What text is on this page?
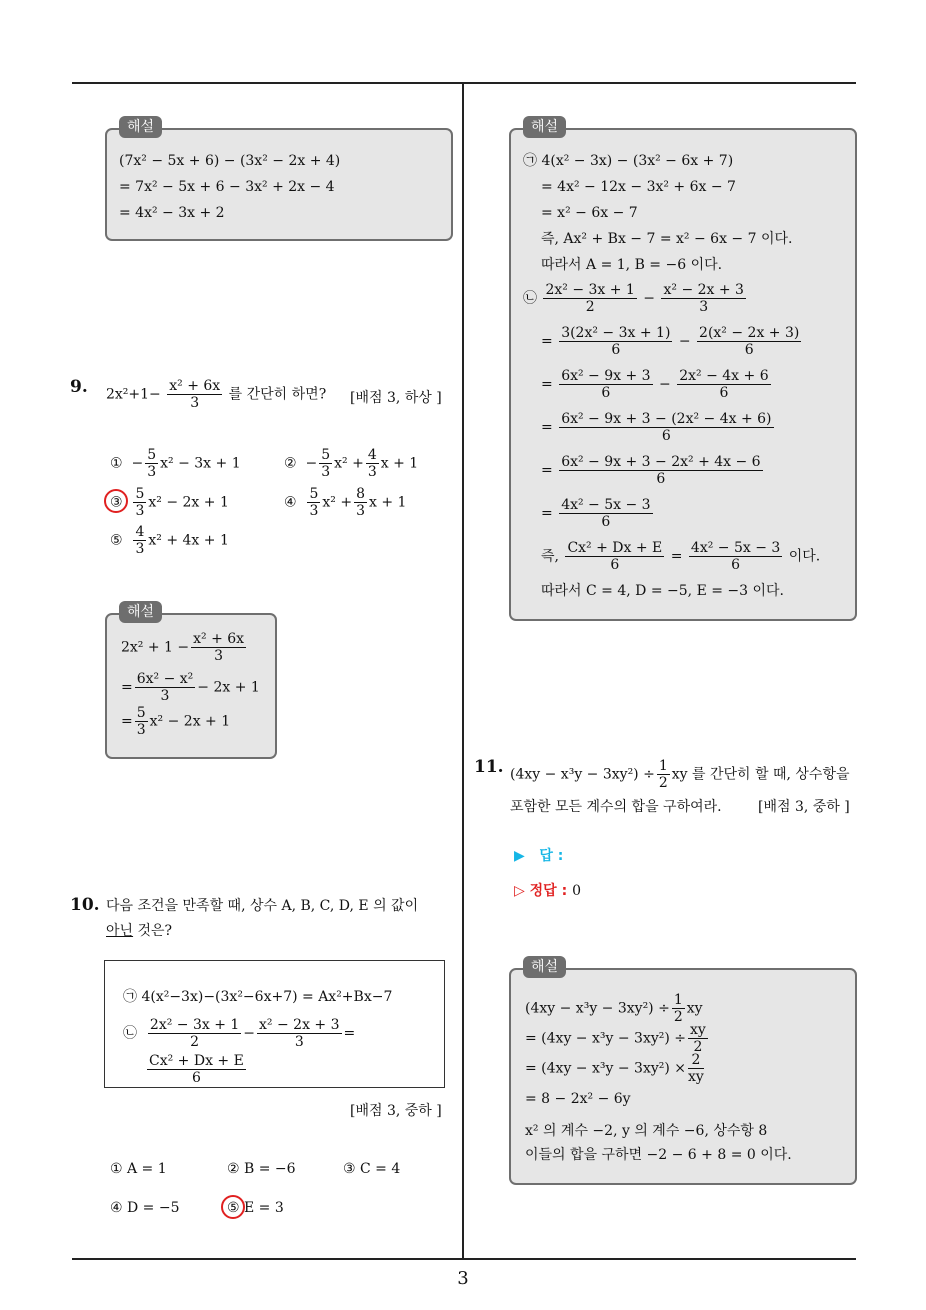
3
(7x² − 5x + 6) − (3x² − 2x + 4)
= 7x² − 5x + 6 − 3x² + 2x − 4
= 4x² − 3x + 2
해설
9. $2x^2+1- \frac{\text{x² + 6x}}{3}$ 를 간단히 하면? [배점 3, 하상 ]
① − $\frac{5}{3} x^2 - 3x + 1$	② − $\frac{5}{3} x^2 + \frac{4}{3}$ x + 1
③ $\frac{5}{3} x^2 - 2x + 1$	④ $\frac{5}{3} x^2 + \frac{8}{3}$ x + 1
⑤ $\frac{4}{3} x^2 + 4x + 1$
$2x^2 + 1 - \frac{\text{x² + 6x}}{3}$
= $\frac{\text{6x² − x²}}{3} - 2x + 1$
= $\frac{5}{3} x^2 - 2x + 1$
해설
10. 다음 조건을 만족할 때, 상수 A, B, C, D, E 의 값이
아닌 것은?
㉠ 4(x²−3x)−(3x²−6x+7) = Ax²+Bx−7
㉡ $\frac{\text{2x² − 3x + 1}}{2} - \frac{\text{x² − 2x + 3}}{3}$ =
$\frac{\text{Cx² + Dx + E}}{6}$
[배점 3, 중하 ]
① A = 1	② B = −6	③ C = 4
④ D = −5	⑤ E = 3
㉠ 4(x² − 3x) − (3x² − 6x + 7)
= 4x² − 12x − 3x² + 6x − 7
= x² − 6x − 7
즉, Ax² + Bx − 7 = x² − 6x − 7 이다.
따라서 A = 1, B = −6 이다.
㉡ $\frac{\text{2x² − 3x + 1}}{2} - \frac{\text{x² − 2x + 3}}{3}$
= $\frac{\text{3(2x² − 3x + 1)}}{6} - \frac{\text{2(x² − 2x + 3)}}{6}$
= $\frac{\text{6x² − 9x + 3}}{6} - \frac{\text{2x² − 4x + 6}}{6}$
= $\frac{\text{6x² − 9x + 3 − (2x² − 4x + 6)}}{6}$
= $\frac{\text{6x² − 9x + 3 − 2x² + 4x − 6}}{6}$
= $\frac{\text{4x² − 5x − 3}}{6}$
즉, $\frac{\text{Cx² + Dx + E}}{6} = \frac{\text{4x² − 5x − 3}}{6}$ 이다.
따라서 C = 4, D = −5, E = −3 이다.
해설
11. $(4xy - x^3y - 3xy^2) \div \frac{1}{2}$ xy 를 간단히 할 때, 상수항을
포함한 모든 계수의 합을 구하여라.	[배점 3, 중하 ]
▶ 답 :
▷ 정답 : 0
$(4xy - x^3y - 3xy^2) \div \frac{1}{2}$ xy
= $(4xy - x^3y - 3xy^2) \div \frac{xy}{2}$
= $(4xy - x^3y - 3xy^2) \times \frac{2}{xy}$
= 8 − 2x² − 6y
x² 의 계수 −2, y 의 계수 −6, 상수항 8
이들의 합을 구하면 −2 − 6 + 8 = 0 이다.
해설
